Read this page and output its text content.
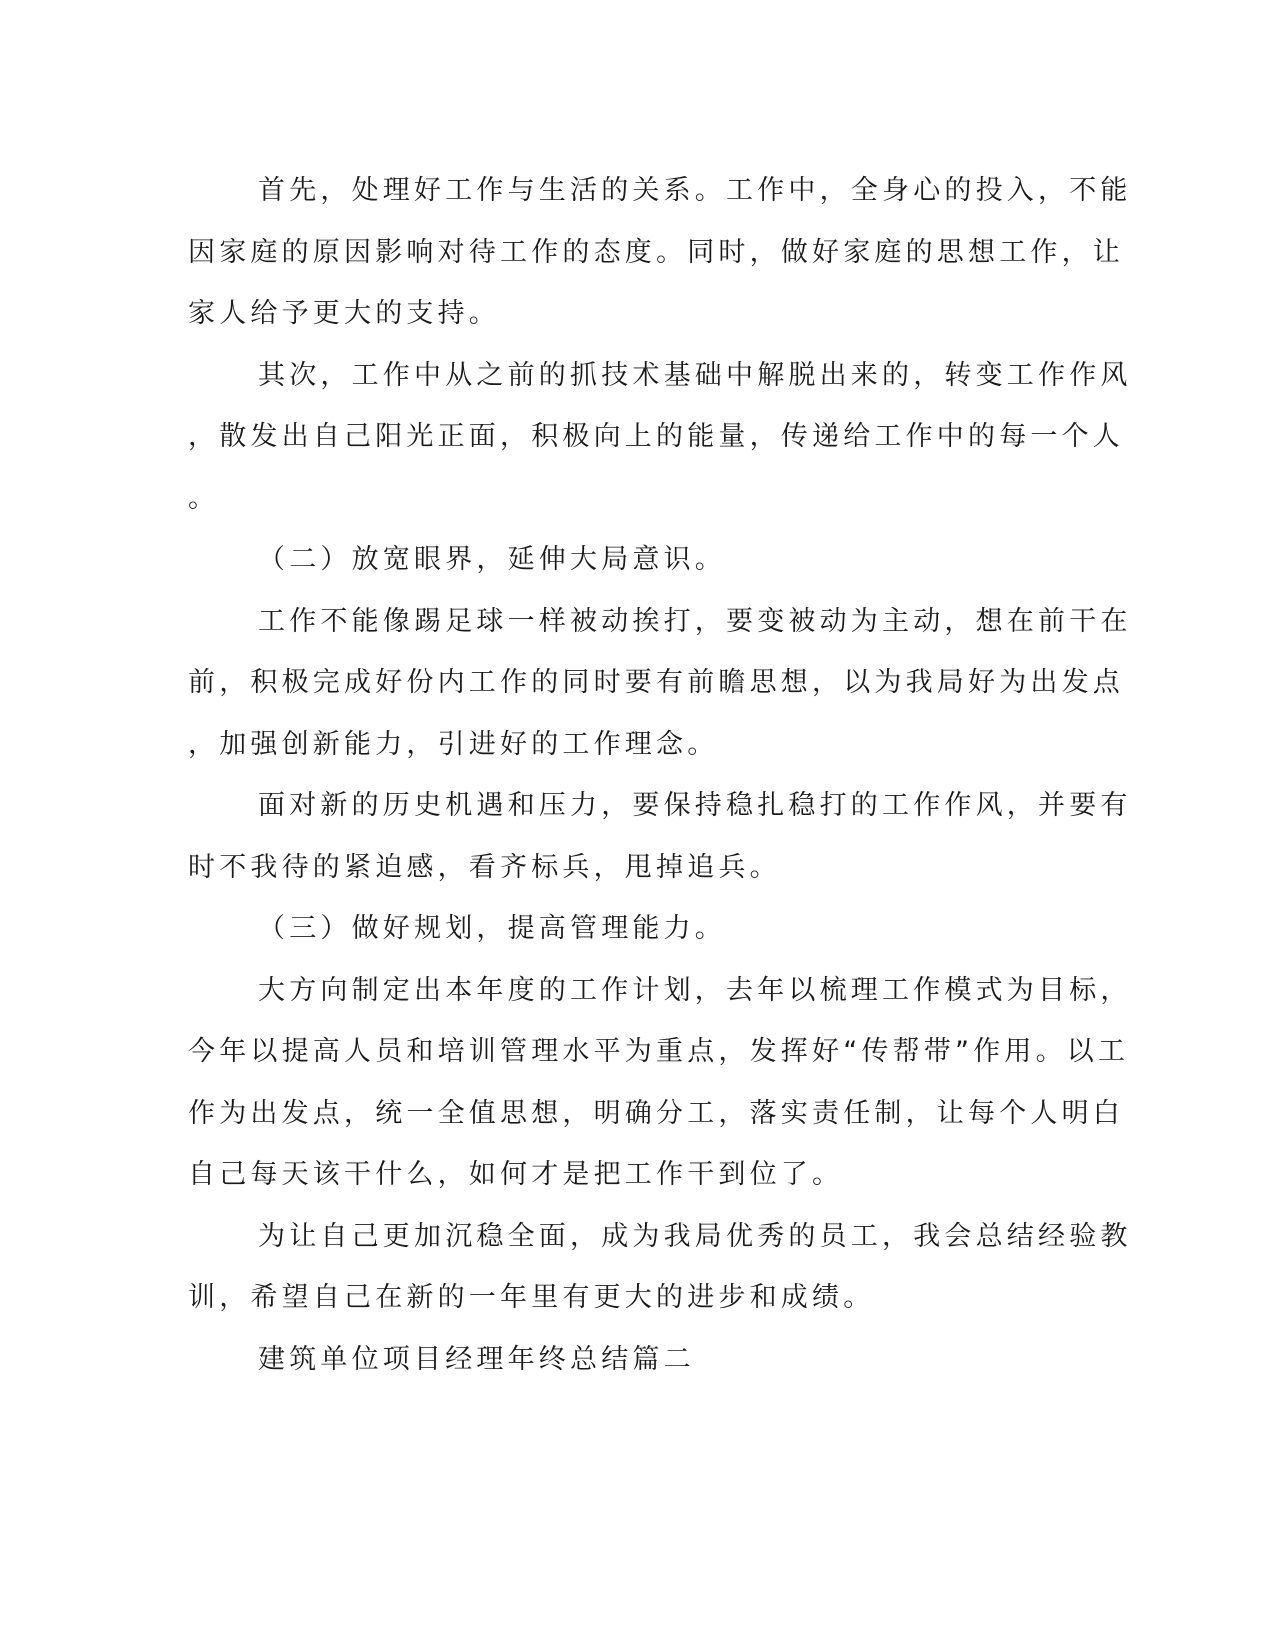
首先，处理好工作与生活的关系。工作中，全身心的投入，不能
因家庭的原因影响对待工作的态度。同时，做好家庭的思想工作，让
家人给予更大的支持。
其次，工作中从之前的抓技术基础中解脱出来的，转变工作作风
，散发出自己阳光正面，积极向上的能量，传递给工作中的每一个人
。
（二）放宽眼界，延伸大局意识。
工作不能像踢足球一样被动挨打，要变被动为主动，想在前干在
前，积极完成好份内工作的同时要有前瞻思想，以为我局好为出发点
，加强创新能力，引进好的工作理念。
面对新的历史机遇和压力，要保持稳扎稳打的工作作风，并要有
时不我待的紧迫感，看齐标兵，甩掉追兵。
（三）做好规划，提高管理能力。
大方向制定出本年度的工作计划，去年以梳理工作模式为目标，
今年以提高人员和培训管理水平为重点，发挥好“传帮带”作用。以工
作为出发点，统一全值思想，明确分工，落实责任制，让每个人明白
自己每天该干什么，如何才是把工作干到位了。
为让自己更加沉稳全面，成为我局优秀的员工，我会总结经验教
训，希望自己在新的一年里有更大的进步和成绩。
建筑单位项目经理年终总结篇二
